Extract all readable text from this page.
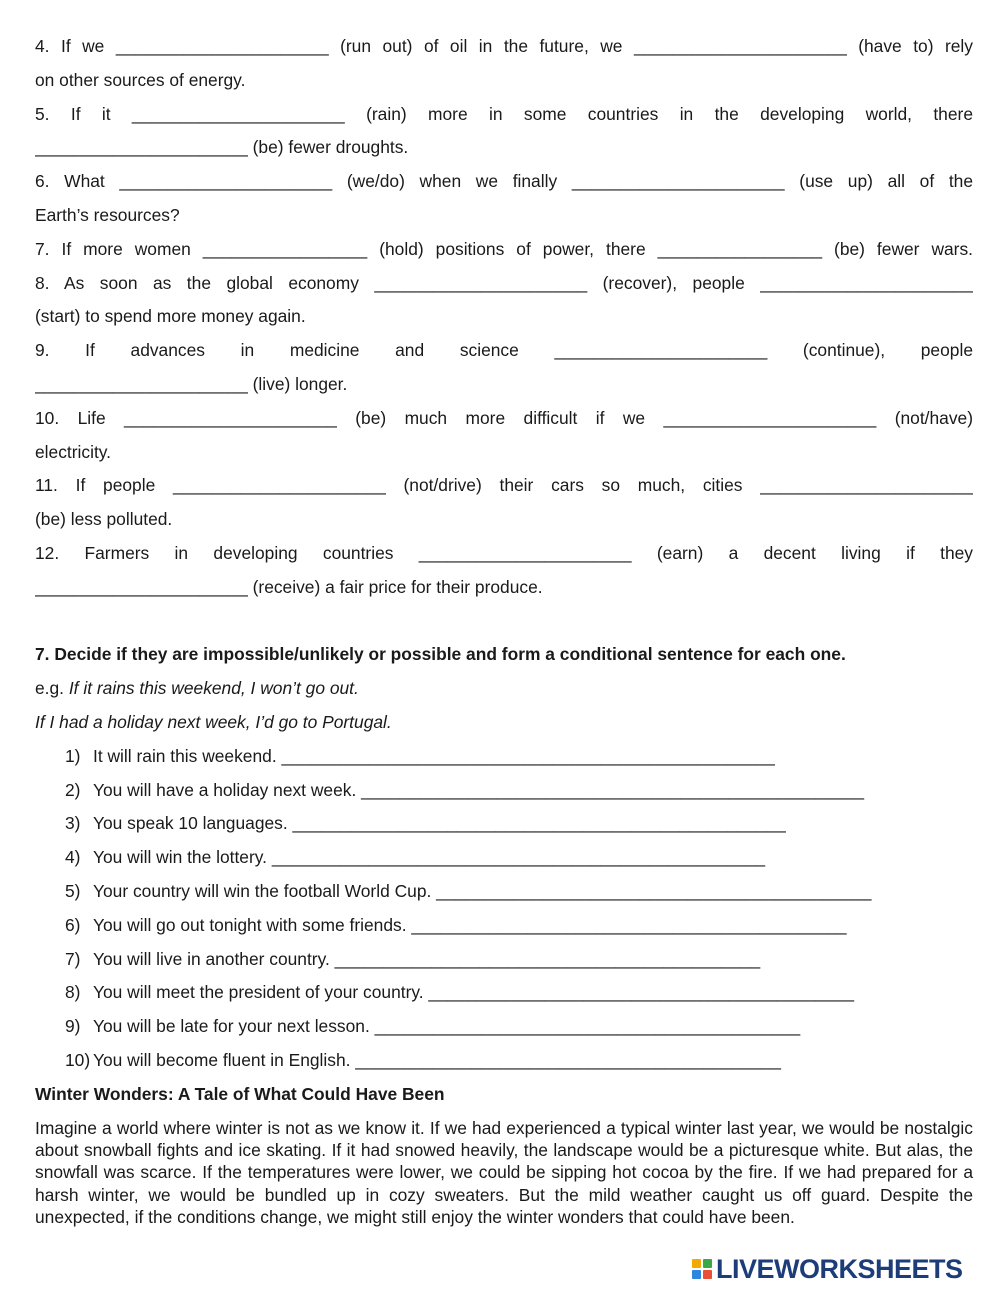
4. If we ______________________ (run out) of oil in the future, we ______________________ (have to) rely
on other sources of energy.
5. If it ______________________ (rain) more in some countries in the developing world, there
______________________ (be) fewer droughts.
6. What ______________________ (we/do) when we finally ______________________ (use up) all of the
Earth’s resources?
7. If more women _________________ (hold) positions of power, there _________________ (be) fewer wars.
8. As soon as the global economy ______________________ (recover), people ______________________
(start) to spend more money again.
9. If advances in medicine and science ______________________ (continue), people
______________________ (live) longer.
10. Life ______________________ (be) much more difficult if we ______________________ (not/have)
electricity.
11. If people ______________________ (not/drive) their cars so much, cities ______________________
(be) less polluted.
12. Farmers in developing countries ______________________ (earn) a decent living if they
______________________ (receive) a fair price for their produce.
7. Decide if they are impossible/unlikely or possible and form a conditional sentence for each one.
e.g. If it rains this weekend, I won’t go out.
If I had a holiday next week, I’d go to Portugal.
1) It will rain this weekend. ___________________________________________________
2) You will have a holiday next week. ____________________________________________________
3) You speak 10 languages. ___________________________________________________
4) You will win the lottery. ___________________________________________________
5) Your country will win the football World Cup. _____________________________________________
6) You will go out tonight with some friends. _____________________________________________
7) You will live in another country. ____________________________________________
8) You will meet the president of your country. ____________________________________________
9) You will be late for your next lesson. ____________________________________________
10) You will become fluent in English. ____________________________________________
Winter Wonders: A Tale of What Could Have Been
Imagine a world where winter is not as we know it. If we had experienced a typical winter last year, we would be nostalgic about snowball fights and ice skating. If it had snowed heavily, the landscape would be a picturesque white. But alas, the snowfall was scarce. If the temperatures were lower, we could be sipping hot cocoa by the fire. If we had prepared for a harsh winter, we would be bundled up in cozy sweaters. But the mild weather caught us off guard. Despite the unexpected, if the conditions change, we might still enjoy the winter wonders that could have been.
LIVEWORKSHEETS
